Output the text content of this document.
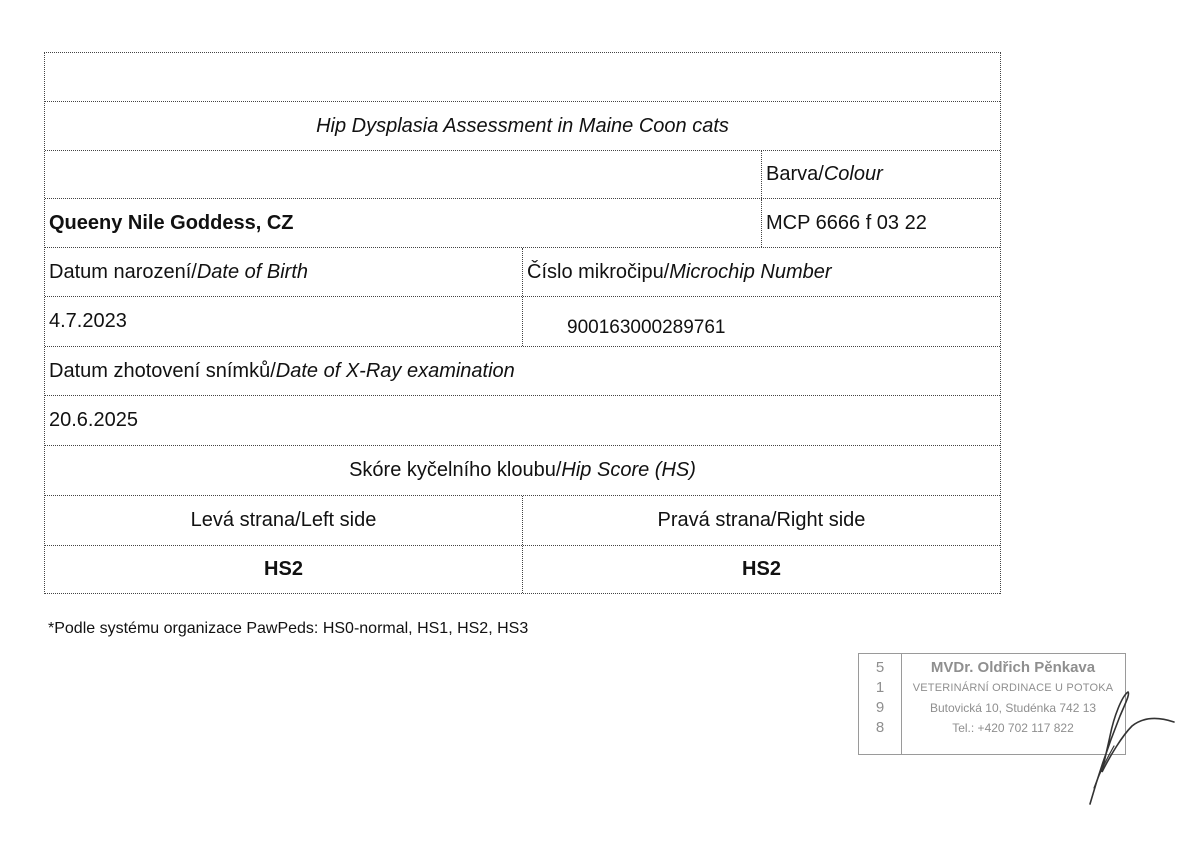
Hip Dysplasia Assessment in Maine Coon cats
Barva/ Colour
Queeny Nile Goddess, CZ	MCP 6666 f 03 22
Datum narození/ Date of Birth	Číslo mikročipu/ Microchip Number
4.7.2023	900163000289761
Datum zhotovení snímků/ Date of X-Ray examination
20.6.2025
Skóre kyčelního kloubu/ Hip Score (HS)
Levá strana/Left side	Pravá strana/Right side
HS2	HS2
*Podle systému organizace PawPeds: HS0-normal, HS1, HS2, HS3
5
1
9
8
MVDr. Oldřich Pěnkava
VETERINÁRNÍ ORDINACE U POTOKA
Butovická 10, Studénka 742 13
Tel.: +420 702 117 822
